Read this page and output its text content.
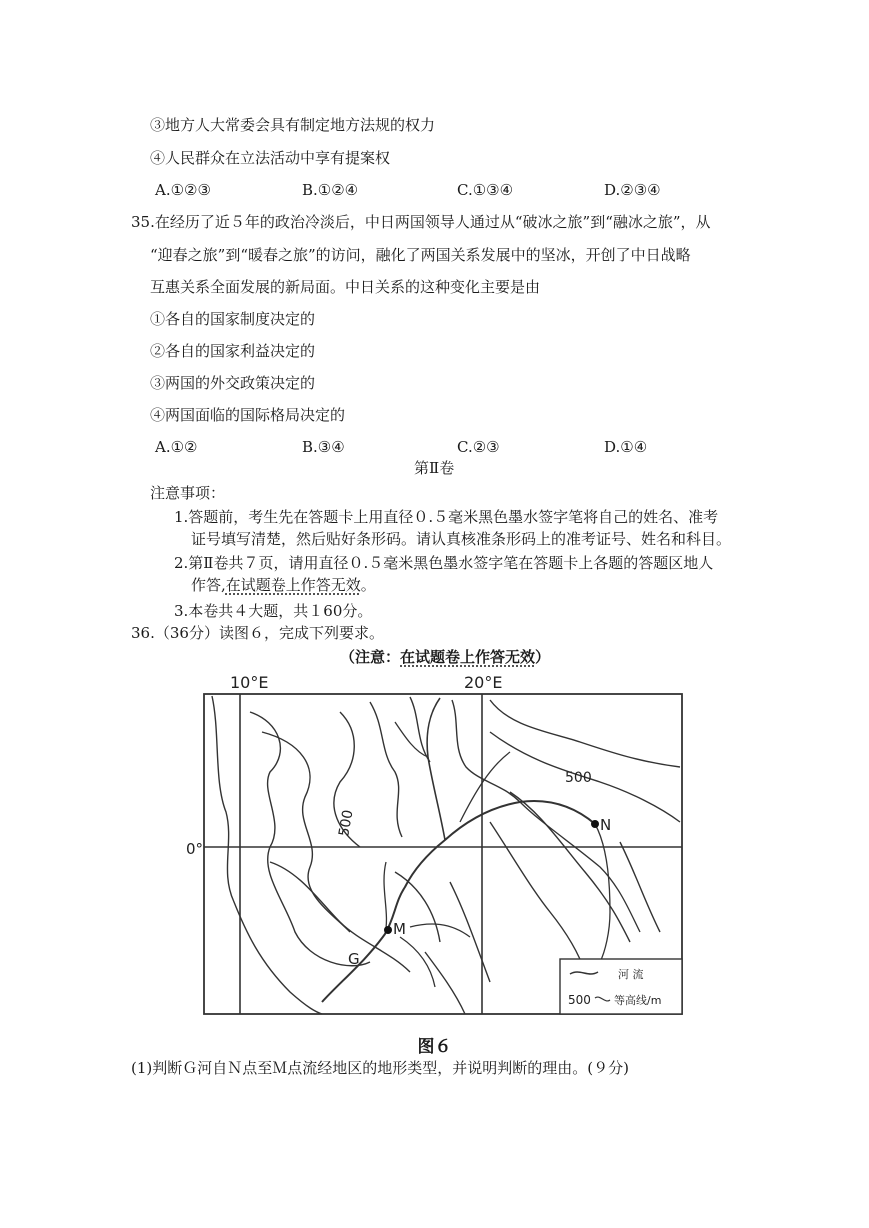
③地方人大常委会具有制定地方法规的权力
④人民群众在立法活动中享有提案权
A.①②③	B.①②④	C.①③④	D.②③④
35.在经历了近５年的政治冷淡后，中日两国领导人通过从“破冰之旅”到“融冰之旅”，从
“迎春之旅”到“暖春之旅”的访问，融化了两国关系发展中的坚冰，开创了中日战略
互惠关系全面发展的新局面。中日关系的这种变化主要是由
①各自的国家制度决定的
②各自的国家利益决定的
③两国的外交政策决定的
④两国面临的国际格局决定的
A.①②	B.③④	C.②③	D.①④
第Ⅱ卷
注意事项：
1.答题前，考生先在答题卡上用直径０.５毫米黑色墨水签字笔将自己的姓名、准考
证号填写清楚，然后贴好条形码。请认真核准条形码上的准考证号、姓名和科目。
2.第Ⅱ卷共７页，请用直径０.５毫米黑色墨水签字笔在答题卡上各题的答题区地人
作答,在试题卷上作答无效。
3.本卷共４大题，共１60分。
36.（36分）读图６，完成下列要求。
（注意：在试题卷上作答无效）
10°E	20°E
0°
500
500	N
M
G
河 流
500 等高线/m
图６
(1)判断Ｇ河自Ｎ点至Ｍ点流经地区的地形类型，并说明判断的理由。(９分)
